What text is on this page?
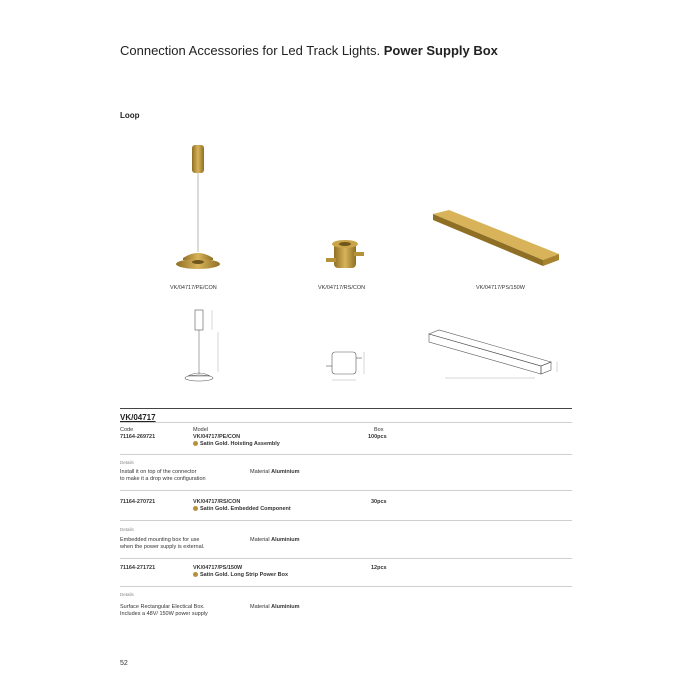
Connection Accessories for Led Track Lights. Power Supply Box
Loop
VK/04717/PE/CON	VK/04717/RS/CON	VK/04717/PS/150W
VK/04717
Code	Model	Box
71164-269721	VK/04717/PE/CON	100pcs
Satin Gold. Hoisting Assembly
Details
Install it on top of the connector
to make it a drop wire configuration
Material Aluminium
71164-270721	VK/04717/RS/CON	30pcs
Satin Gold. Embedded Component
Details
Embedded mounting box for use
when the power supply is external.
Material Aluminium
71164-271721	VK/04717/PS/150W	12pcs
Satin Gold. Long Strip Power Box
Details
Surface Rectangular Electical Box.
Includes a 48V/ 150W power supply
Material Aluminium
52
